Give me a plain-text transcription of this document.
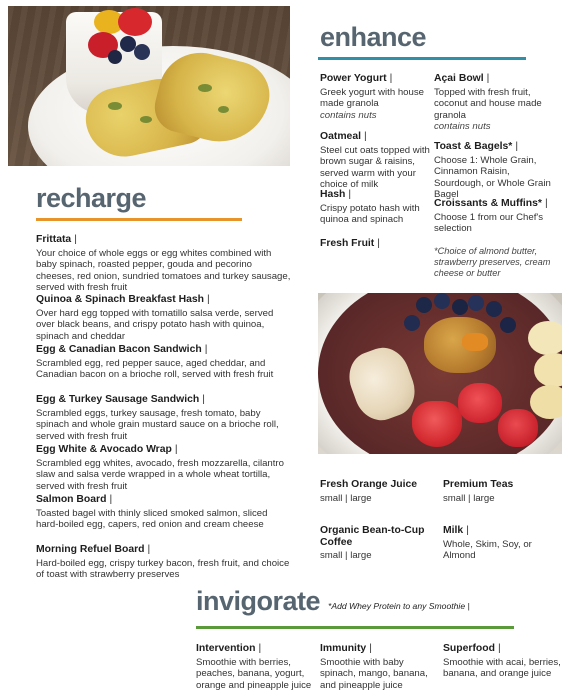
enhance
Power Yogurt |
Greek yogurt with house made granola
contains nuts
Oatmeal |
Steel cut oats topped with brown sugar & raisins, served warm with your choice of milk
Hash |
Crispy potato hash with quinoa and spinach
Fresh Fruit |
Açai Bowl |
Topped with fresh fruit, coconut and house made granola
contains nuts
Toast & Bagels* |
Choose 1: Whole Grain, Cinnamon Raisin, Sourdough, or Whole Grain Bagel
Croissants & Muffins* |
Choose 1 from our Chef's selection
*Choice of almond butter, strawberry preserves, cream cheese or butter
recharge
Frittata |
Your choice of whole eggs or egg whites combined with baby spinach, roasted pepper, gouda and pecorino cheeses, red onion, sundried tomatoes and turkey sausage, served with fresh fruit
Quinoa & Spinach Breakfast Hash |
Over hard egg topped with tomatillo salsa verde, served over black beans, and crispy potato hash with quinoa, spinach and cheddar
Egg & Canadian Bacon Sandwich |
Scrambled egg, red pepper sauce, aged cheddar, and Canadian bacon on a brioche roll, served with fresh fruit
Egg & Turkey Sausage Sandwich |
Scrambled eggs, turkey sausage, fresh tomato, baby spinach and whole grain mustard sauce on a brioche roll, served with fresh fruit
Egg White & Avocado Wrap |
Scrambled egg whites, avocado, fresh mozzarella, cilantro slaw and salsa verde wrapped in a whole wheat tortilla, served with fresh fruit
Salmon Board |
Toasted bagel with thinly sliced smoked salmon, sliced hard-boiled egg, capers, red onion and cream cheese
Morning Refuel Board |
Hard-boiled egg, crispy turkey bacon, fresh fruit, and choice of toast with strawberry preserves
Fresh Orange Juice
small | large
Premium Teas
small | large
Organic Bean-to-Cup Coffee
small | large
Milk |
Whole, Skim, Soy, or Almond
invigorate *Add Whey Protein to any Smoothie |
Intervention |
Smoothie with berries, peaches, banana, yogurt, orange and pineapple juice
Immunity |
Smoothie with baby spinach, mango, banana, and pineapple juice
Superfood |
Smoothie with acai, berries, banana, and orange juice
